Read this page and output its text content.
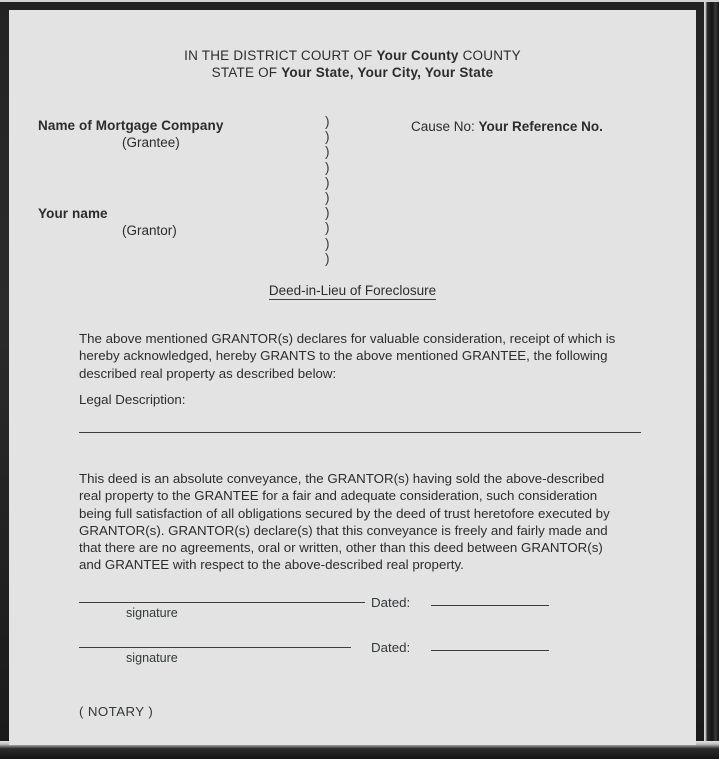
IN THE DISTRICT COURT OF Your County COUNTY
STATE OF Your State, Your City, Your State
Name of Mortgage Company
(Grantee)
Your name
(Grantor)
)
)
)
)
)
)
)
)
)
)
Cause No: Your Reference No.
Deed-in-Lieu of Foreclosure
The above mentioned GRANTOR(s) declares for valuable consideration, receipt of which is hereby acknowledged, hereby GRANTS to the above mentioned GRANTEE, the following described real property as described below:
Legal Description:
This deed is an absolute conveyance, the GRANTOR(s) having sold the above-described real property to the GRANTEE for a fair and adequate consideration, such consideration being full satisfaction of all obligations secured by the deed of trust heretofore executed by GRANTOR(s). GRANTOR(s) declare(s) that this conveyance is freely and fairly made and that there are no agreements, oral or written, other than this deed between GRANTOR(s) and GRANTEE with respect to the above-described real property.
signature
Dated:
signature
Dated:
( NOTARY )
